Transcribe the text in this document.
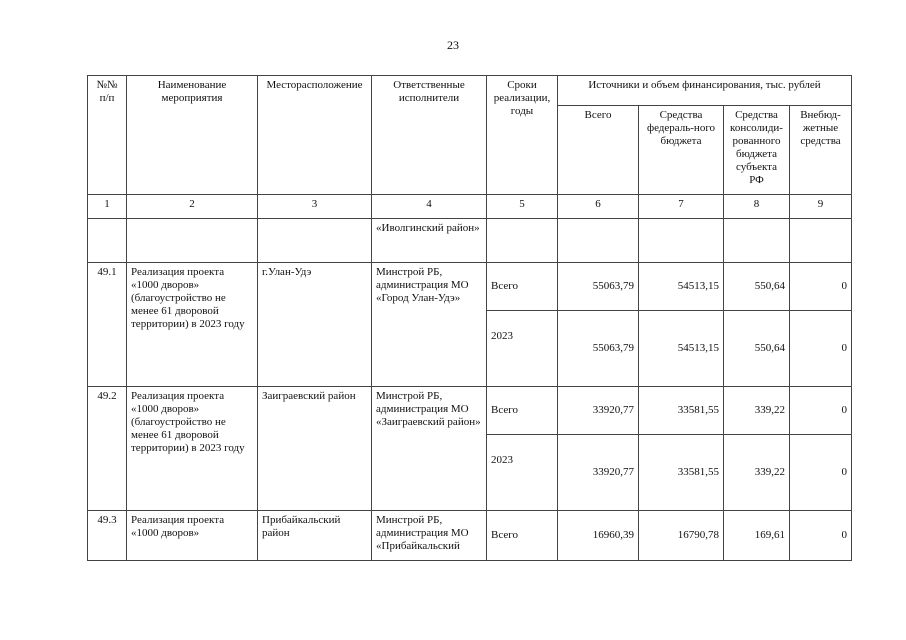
23
№№
п/п	Наименование мероприятия	Месторасположение	Ответственные исполнители	Сроки реализации, годы	Источники и объем финансирования, тыс. рублей			
					Всего	Средства федераль-ного бюджета	Средства консолиди-рованного бюджета субъекта РФ	Внебюд-жетные средства
1	2	3	4	5	6	7	8	9
			«Иволгинский район»					
49.1	Реализация проекта «1000 дворов» (благоустройство не менее 61 дворовой территории) в 2023 году	г.Улан-Удэ	Минстрой РБ, администрация МО «Город Улан-Удэ»	Всего	55063,79	54513,15	550,64	0
				2023	55063,79	54513,15	550,64	0
49.2	Реализация проекта «1000 дворов» (благоустройство не менее 61 дворовой территории) в 2023 году	Заиграевский район	Минстрой РБ, администрация МО «Заиграевский район»	Всего	33920,77	33581,55	339,22	0
				2023	33920,77	33581,55	339,22	0
49.3	Реализация проекта «1000 дворов»	Прибайкальский район	Минстрой РБ, администрация МО «Прибайкальский	Всего	16960,39	16790,78	169,61	0
